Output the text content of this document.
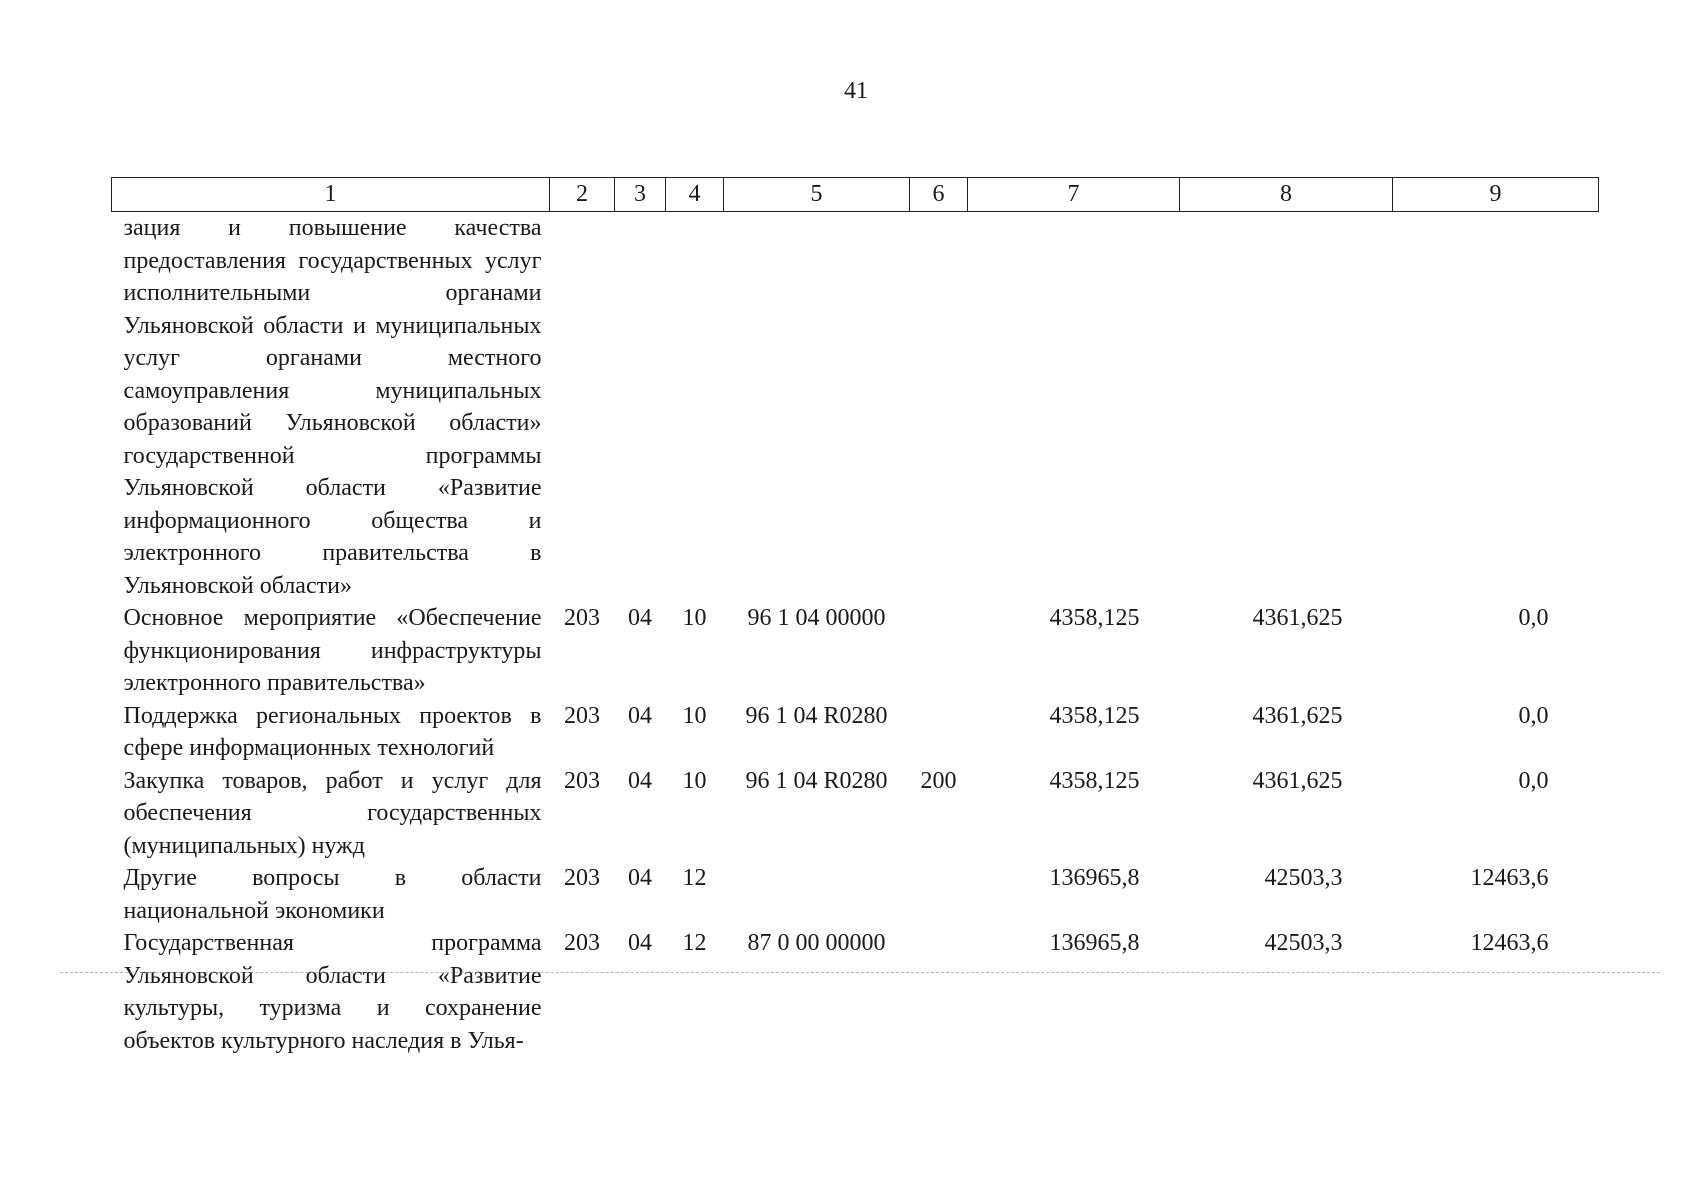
41
1	2	3	4	5	6	7	8	9
зация и повышение качества предоставления государственных услуг исполнительными органами Ульяновской области и муниципальных услуг органами местного самоуправления муниципальных образований Ульяновской области» государственной программы Ульяновской области «Развитие информационного общества и электронного правительства в Ульяновской области»								
Основное мероприятие «Обеспечение функционирования инфраструктуры электронного правительства»	203	04	10	96 1 04 00000		4358,125	4361,625	0,0
Поддержка региональных проектов в сфере информационных технологий	203	04	10	96 1 04 R0280		4358,125	4361,625	0,0
Закупка товаров, работ и услуг для обеспечения государственных (муниципальных) нужд	203	04	10	96 1 04 R0280	200	4358,125	4361,625	0,0
Другие вопросы в области национальной экономики	203	04	12			136965,8	42503,3	12463,6
Государственная программа Ульяновской области «Развитие культуры, туризма и сохранение объектов культурного наследия в Улья-	203	04	12	87 0 00 00000		136965,8	42503,3	12463,6
